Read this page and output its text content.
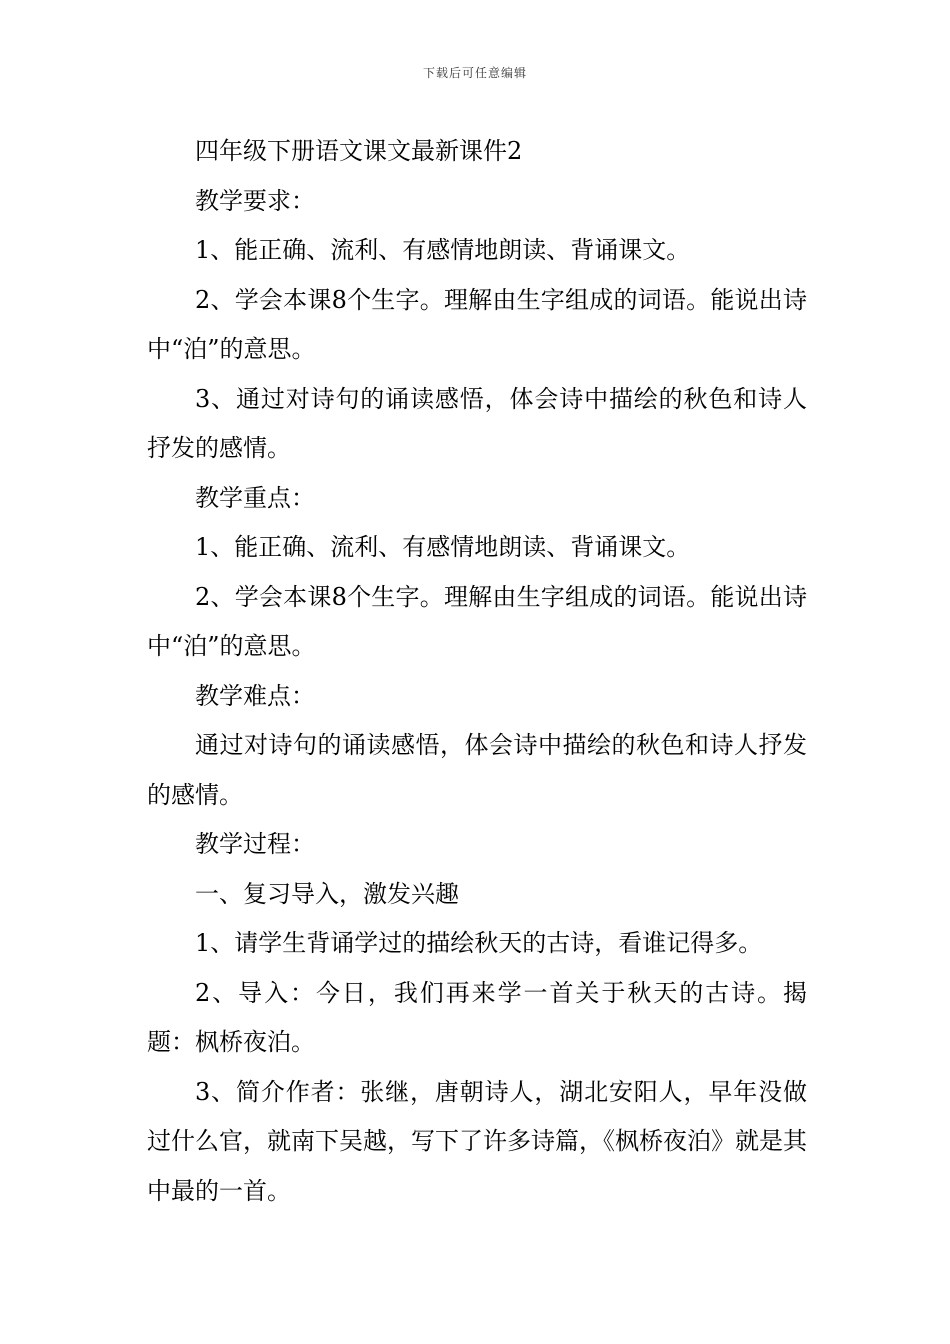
下载后可任意编辑

四年级下册语文课文最新课件2

教学要求：

1、能正确、流利、有感情地朗读、背诵课文。

2、学会本课8个生字。理解由生字组成的词语。能说出诗中“泊”的意思。

3、通过对诗句的诵读感悟，体会诗中描绘的秋色和诗人抒发的感情。

教学重点：

1、能正确、流利、有感情地朗读、背诵课文。

2、学会本课8个生字。理解由生字组成的词语。能说出诗中“泊”的意思。

教学难点：

通过对诗句的诵读感悟，体会诗中描绘的秋色和诗人抒发的感情。

教学过程：

一、复习导入，激发兴趣

1、请学生背诵学过的描绘秋天的古诗，看谁记得多。

2、导入：今日，我们再来学一首关于秋天的古诗。揭题：枫桥夜泊。

3、简介作者：张继，唐朝诗人，湖北安阳人，早年没做过什么官，就南下吴越，写下了许多诗篇，《枫桥夜泊》就是其中最的一首。
